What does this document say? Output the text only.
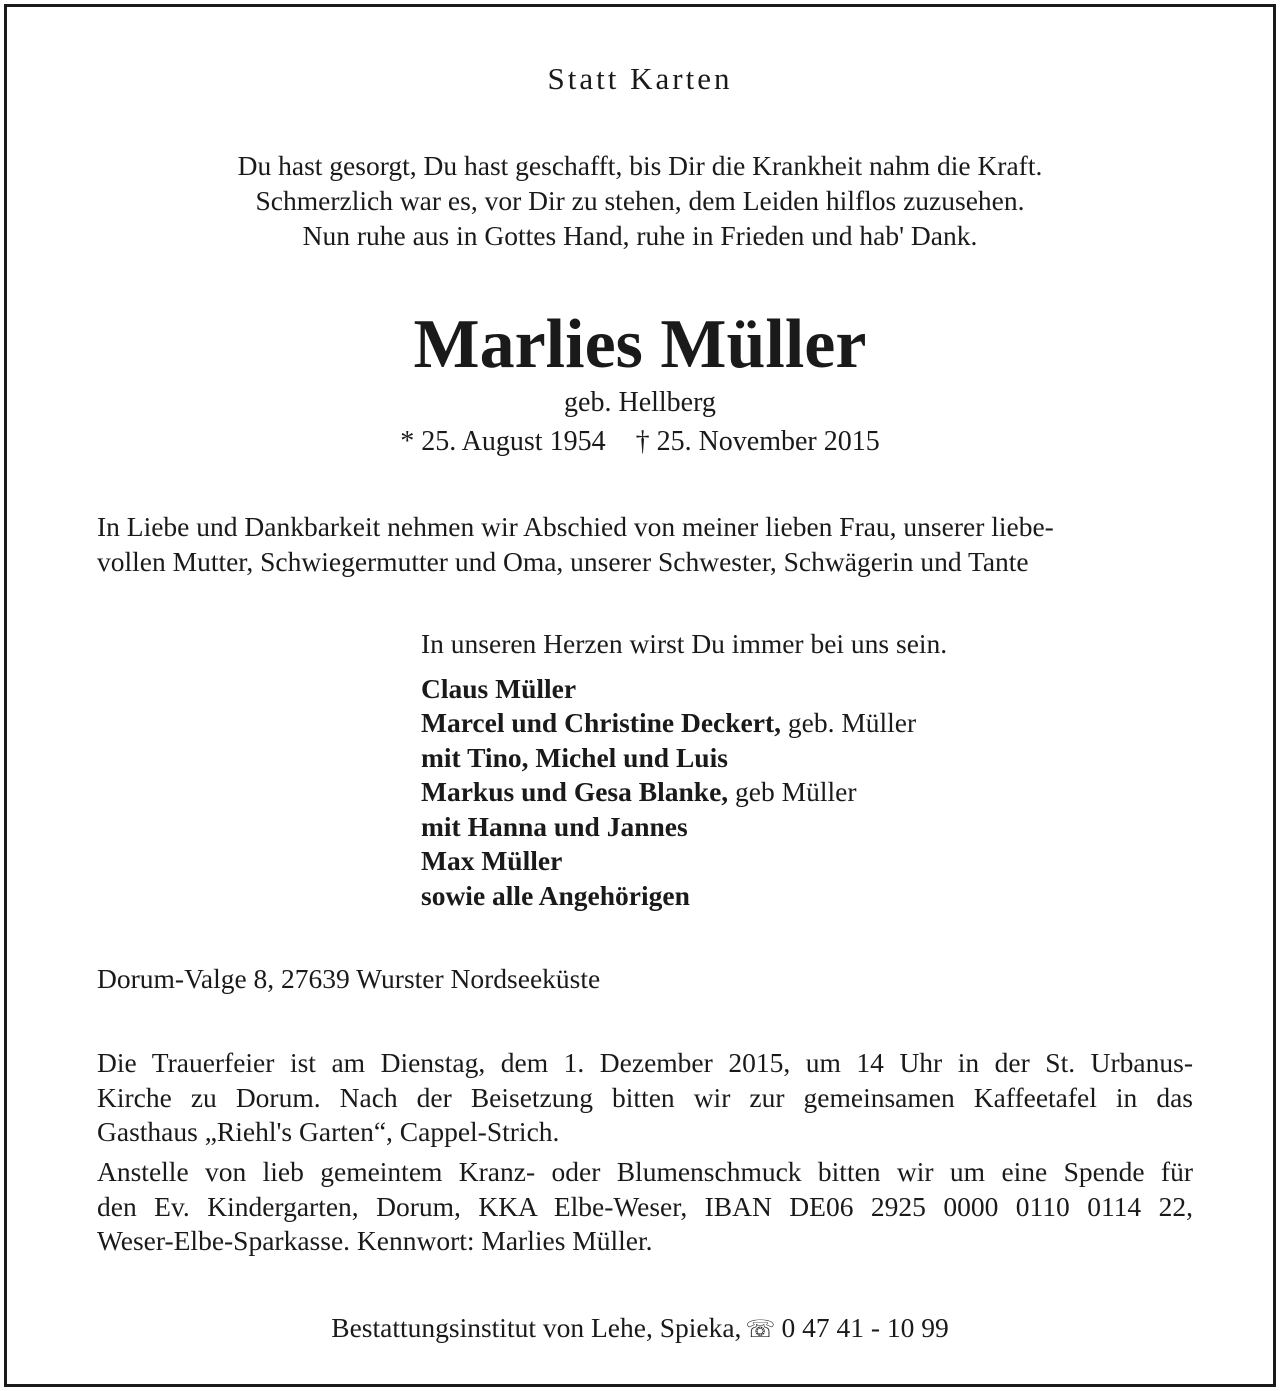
Statt Karten
Du hast gesorgt, Du hast geschafft, bis Dir die Krankheit nahm die Kraft.
Schmerzlich war es, vor Dir zu stehen, dem Leiden hilflos zuzusehen.
Nun ruhe aus in Gottes Hand, ruhe in Frieden und hab' Dank.
Marlies Müller
geb. Hellberg
* 25. August 1954 † 25. November 2015
In Liebe und Dankbarkeit nehmen wir Abschied von meiner lieben Frau, unserer liebe-
vollen Mutter, Schwiegermutter und Oma, unserer Schwester, Schwägerin und Tante
In unseren Herzen wirst Du immer bei uns sein.
Claus Müller
Marcel und Christine Deckert, geb. Müller
mit Tino, Michel und Luis
Markus und Gesa Blanke, geb Müller
mit Hanna und Jannes
Max Müller
sowie alle Angehörigen
Dorum-Valge 8, 27639 Wurster Nordseeküste
Die Trauerfeier ist am Dienstag, dem 1. Dezember 2015, um 14 Uhr in der St. Urbanus-
Kirche zu Dorum. Nach der Beisetzung bitten wir zur gemeinsamen Kaffeetafel in das
Gasthaus „Riehl's Garten“, Cappel-Strich.
Anstelle von lieb gemeintem Kranz- oder Blumenschmuck bitten wir um eine Spende für
den Ev. Kindergarten, Dorum, KKA Elbe-Weser, IBAN DE06 2925 0000 0110 0114 22,
Weser-Elbe-Sparkasse. Kennwort: Marlies Müller.
Bestattungsinstitut von Lehe, Spieka, ☏ 0 47 41 - 10 99
